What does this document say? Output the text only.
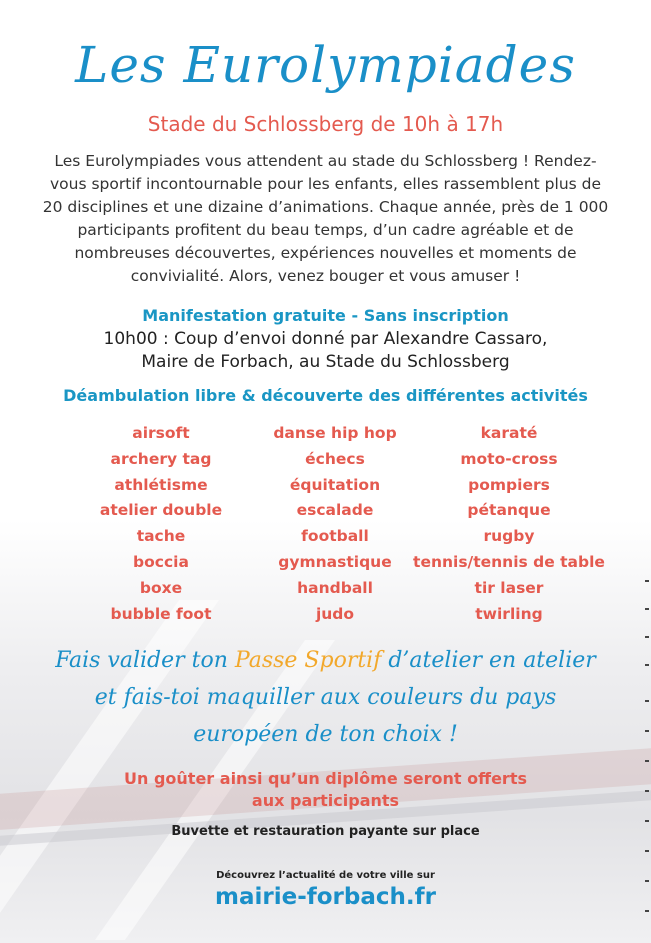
Les Eurolympiades
Stade du Schlossberg de 10h à 17h
Les Eurolympiades vous attendent au stade du Schlossberg ! Rendez-vous sportif incontournable pour les enfants, elles rassemblent plus de 20 disciplines et une dizaine d’animations. Chaque année, près de 1 000 participants profitent du beau temps, d’un cadre agréable et de nombreuses découvertes, expériences nouvelles et moments de convivialité. Alors, venez bouger et vous amuser !
Manifestation gratuite - Sans inscription
10h00 : Coup d’envoi donné par Alexandre Cassaro,
Maire de Forbach, au Stade du Schlossberg
Déambulation libre & découverte des différentes activités
airsoft
archery tag
athlétisme
atelier double
tache
boccia
boxe
bubble foot
danse hip hop
échecs
équitation
escalade
football
gymnastique
handball
judo
karaté
moto-cross
pompiers
pétanque
rugby
tennis/tennis de table
tir laser
twirling
Fais valider ton Passe Sportif d’atelier en atelier
et fais-toi maquiller aux couleurs du pays
européen de ton choix !
Un goûter ainsi qu’un diplôme seront offerts
aux participants
Buvette et restauration payante sur place
Découvrez l’actualité de votre ville sur
mairie-forbach.fr
